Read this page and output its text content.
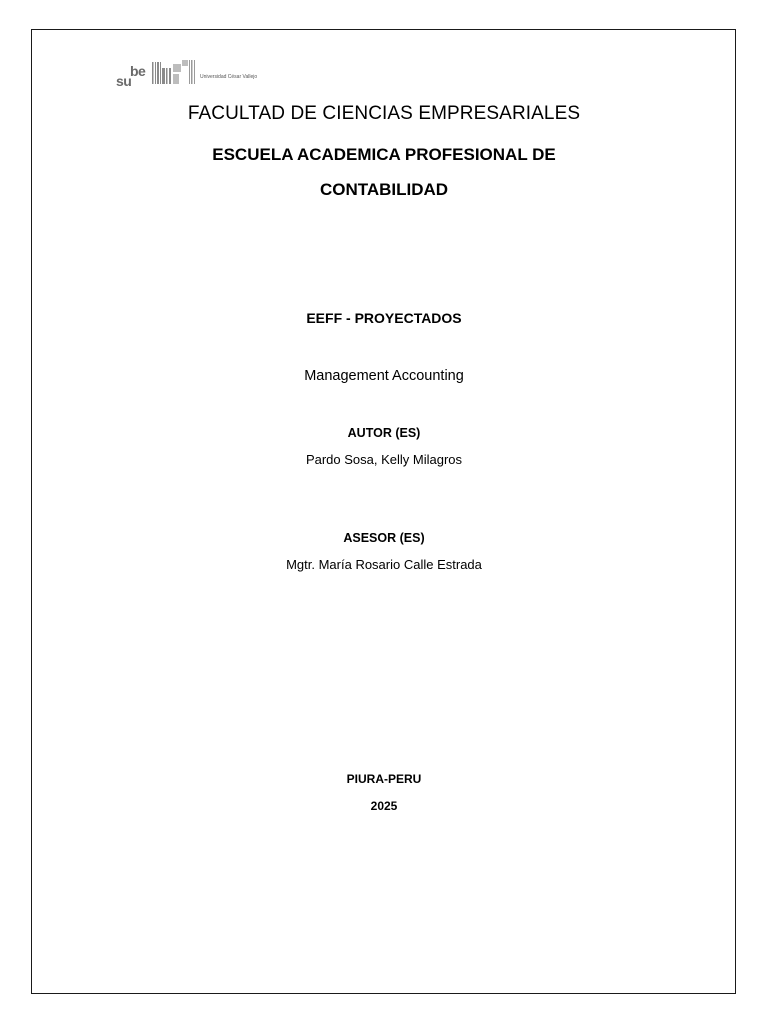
be
su	Universidad César Vallejo
FACULTAD DE CIENCIAS EMPRESARIALES
ESCUELA ACADEMICA PROFESIONAL DE
CONTABILIDAD
EEFF - PROYECTADOS
Management Accounting
AUTOR (ES)
Pardo Sosa, Kelly Milagros
ASESOR (ES)
Mgtr. María Rosario Calle Estrada
PIURA-PERU
2025
